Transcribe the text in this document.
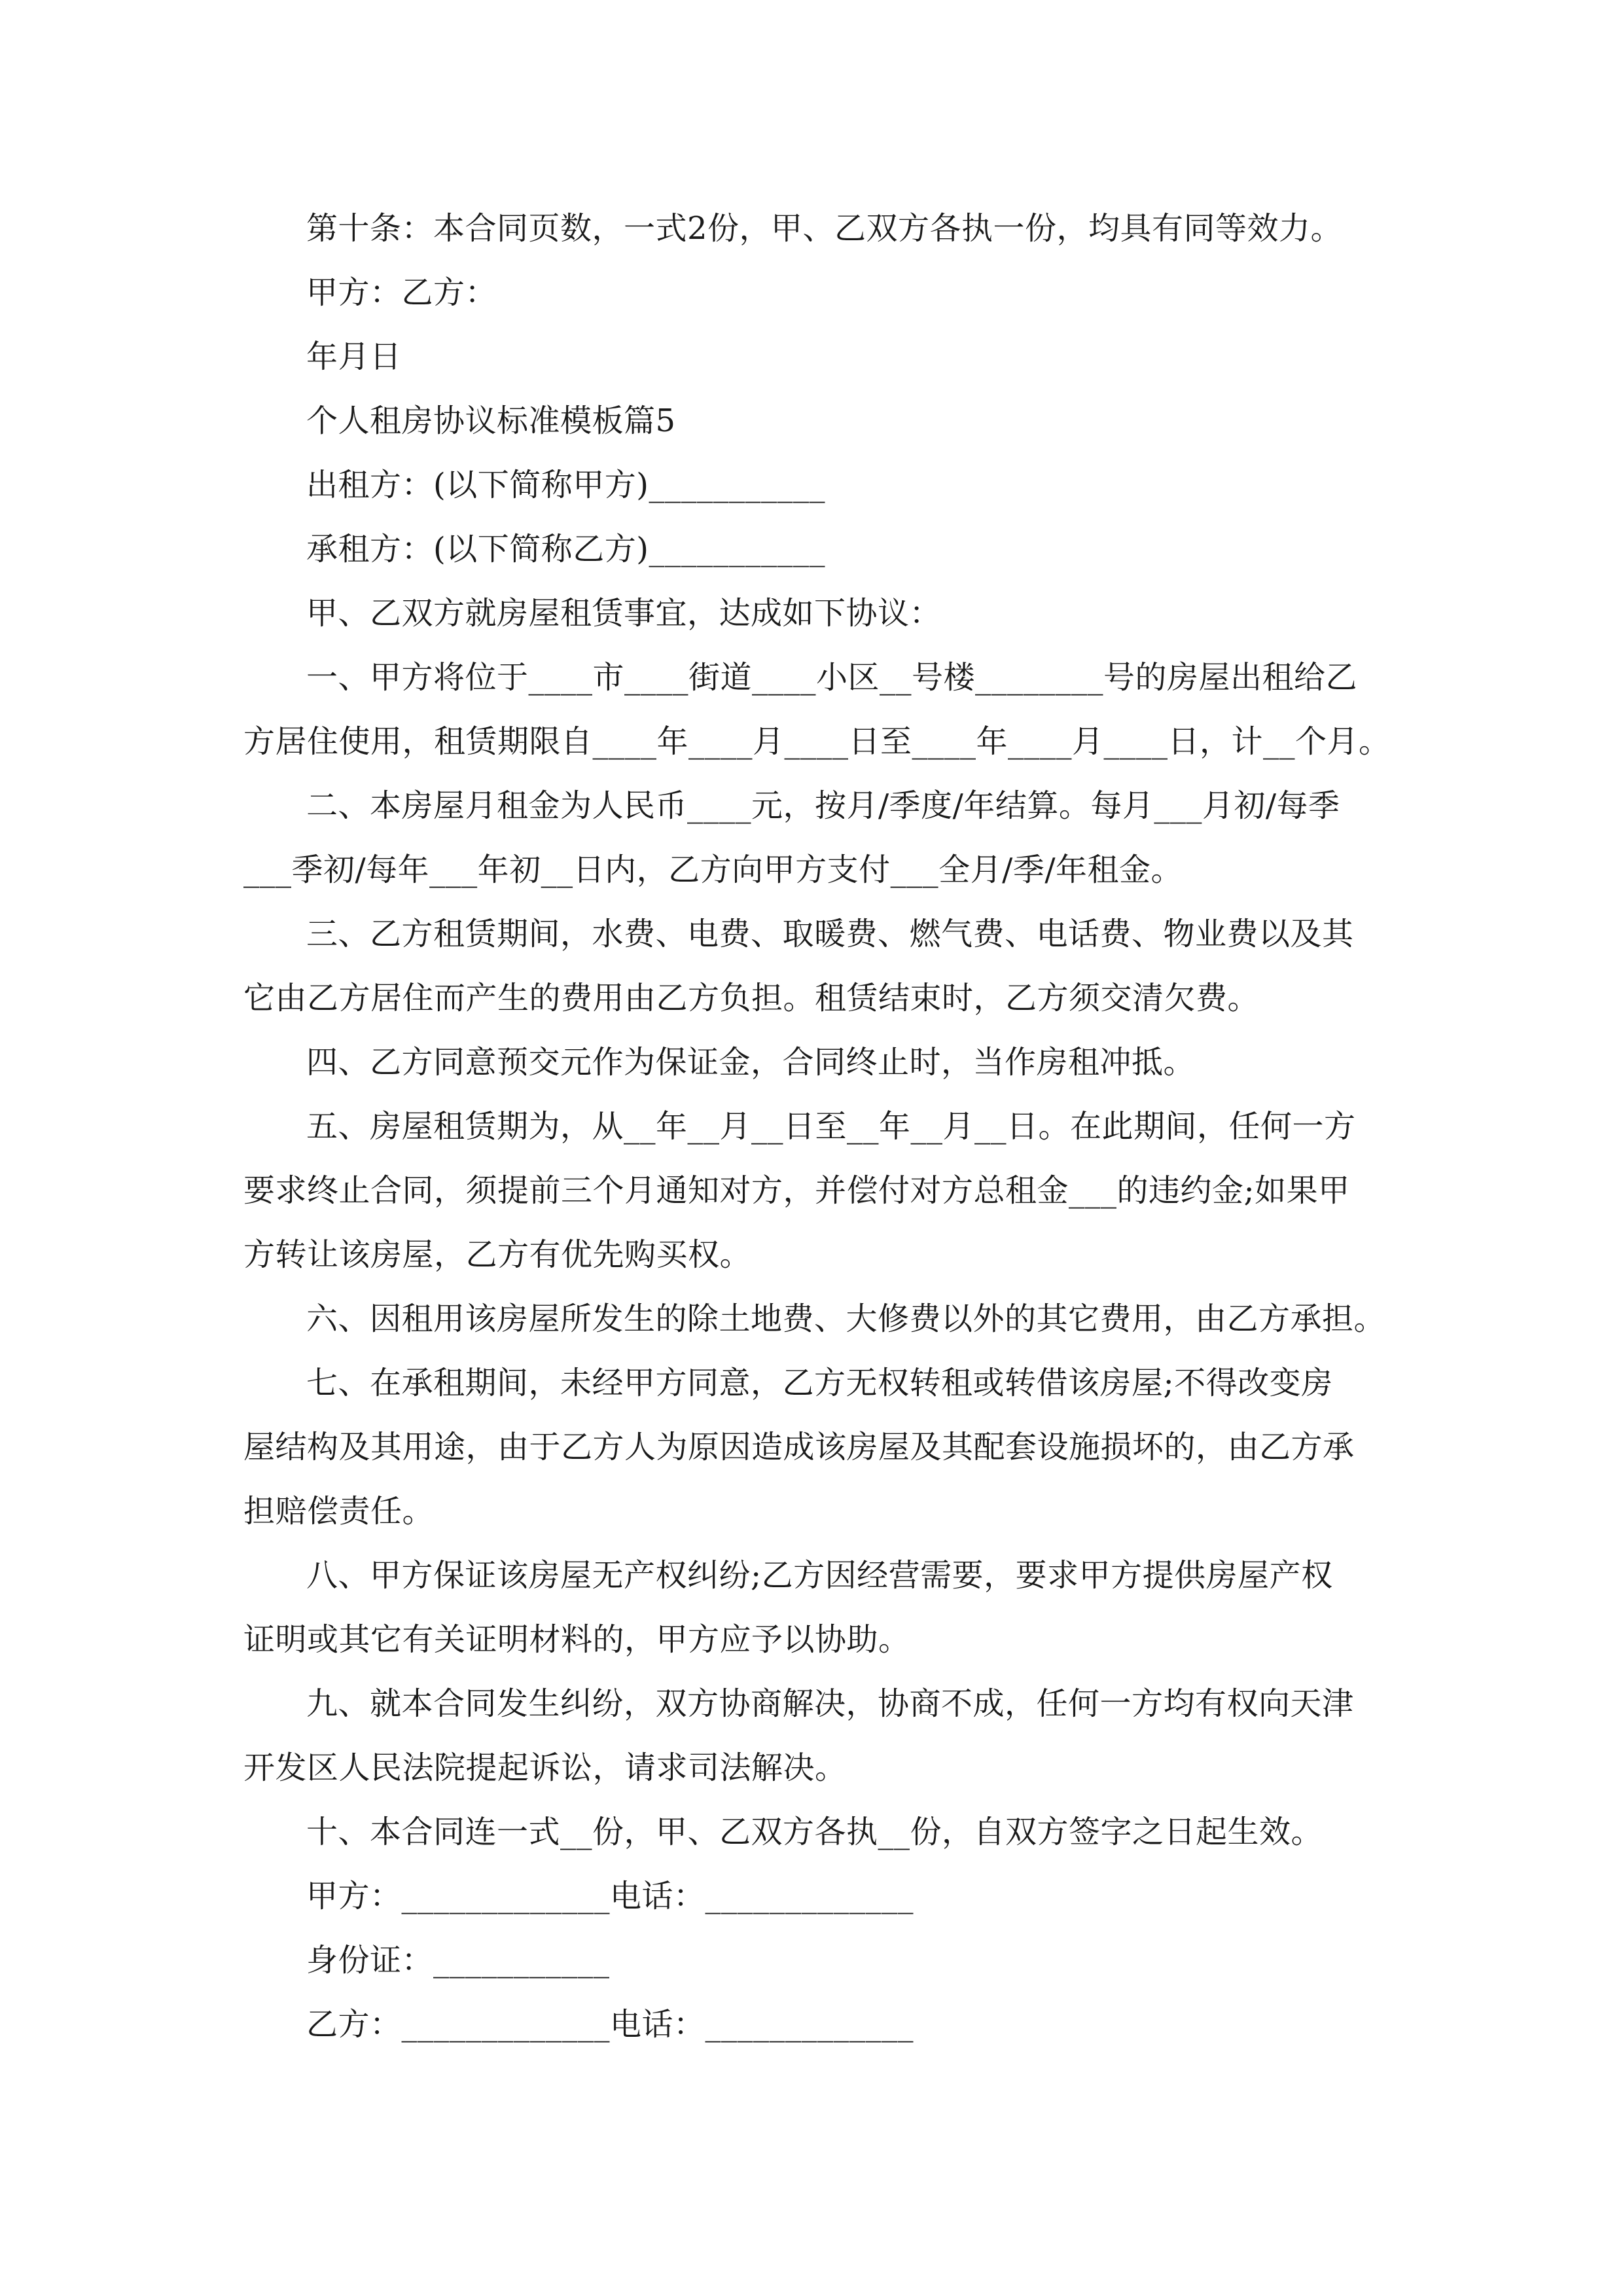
第十条：本合同页数，一式2份，甲、乙双方各执一份，均具有同等效力。
甲方：乙方：
年月日
个人租房协议标准模板篇5
出租方：(以下简称甲方)___________
承租方：(以下简称乙方)___________
甲、乙双方就房屋租赁事宜，达成如下协议：
一、甲方将位于____市____街道____小区__号楼________号的房屋出租给乙
方居住使用，租赁期限自____年____月____日至____年____月____日，计__个月。
二、本房屋月租金为人民币____元，按月/季度/年结算。每月___月初/每季
___季初/每年___年初__日内，乙方向甲方支付___全月/季/年租金。
三、乙方租赁期间，水费、电费、取暖费、燃气费、电话费、物业费以及其
它由乙方居住而产生的费用由乙方负担。租赁结束时，乙方须交清欠费。
四、乙方同意预交元作为保证金，合同终止时，当作房租冲抵。
五、房屋租赁期为，从__年__月__日至__年__月__日。在此期间，任何一方
要求终止合同，须提前三个月通知对方，并偿付对方总租金___的违约金;如果甲
方转让该房屋，乙方有优先购买权。
六、因租用该房屋所发生的除土地费、大修费以外的其它费用，由乙方承担。
七、在承租期间，未经甲方同意，乙方无权转租或转借该房屋;不得改变房
屋结构及其用途，由于乙方人为原因造成该房屋及其配套设施损坏的，由乙方承
担赔偿责任。
八、甲方保证该房屋无产权纠纷;乙方因经营需要，要求甲方提供房屋产权
证明或其它有关证明材料的，甲方应予以协助。
九、就本合同发生纠纷，双方协商解决，协商不成，任何一方均有权向天津
开发区人民法院提起诉讼，请求司法解决。
十、本合同连一式__份，甲、乙双方各执__份，自双方签字之日起生效。
甲方：_____________电话：_____________
身份证：___________
乙方：_____________电话：_____________
